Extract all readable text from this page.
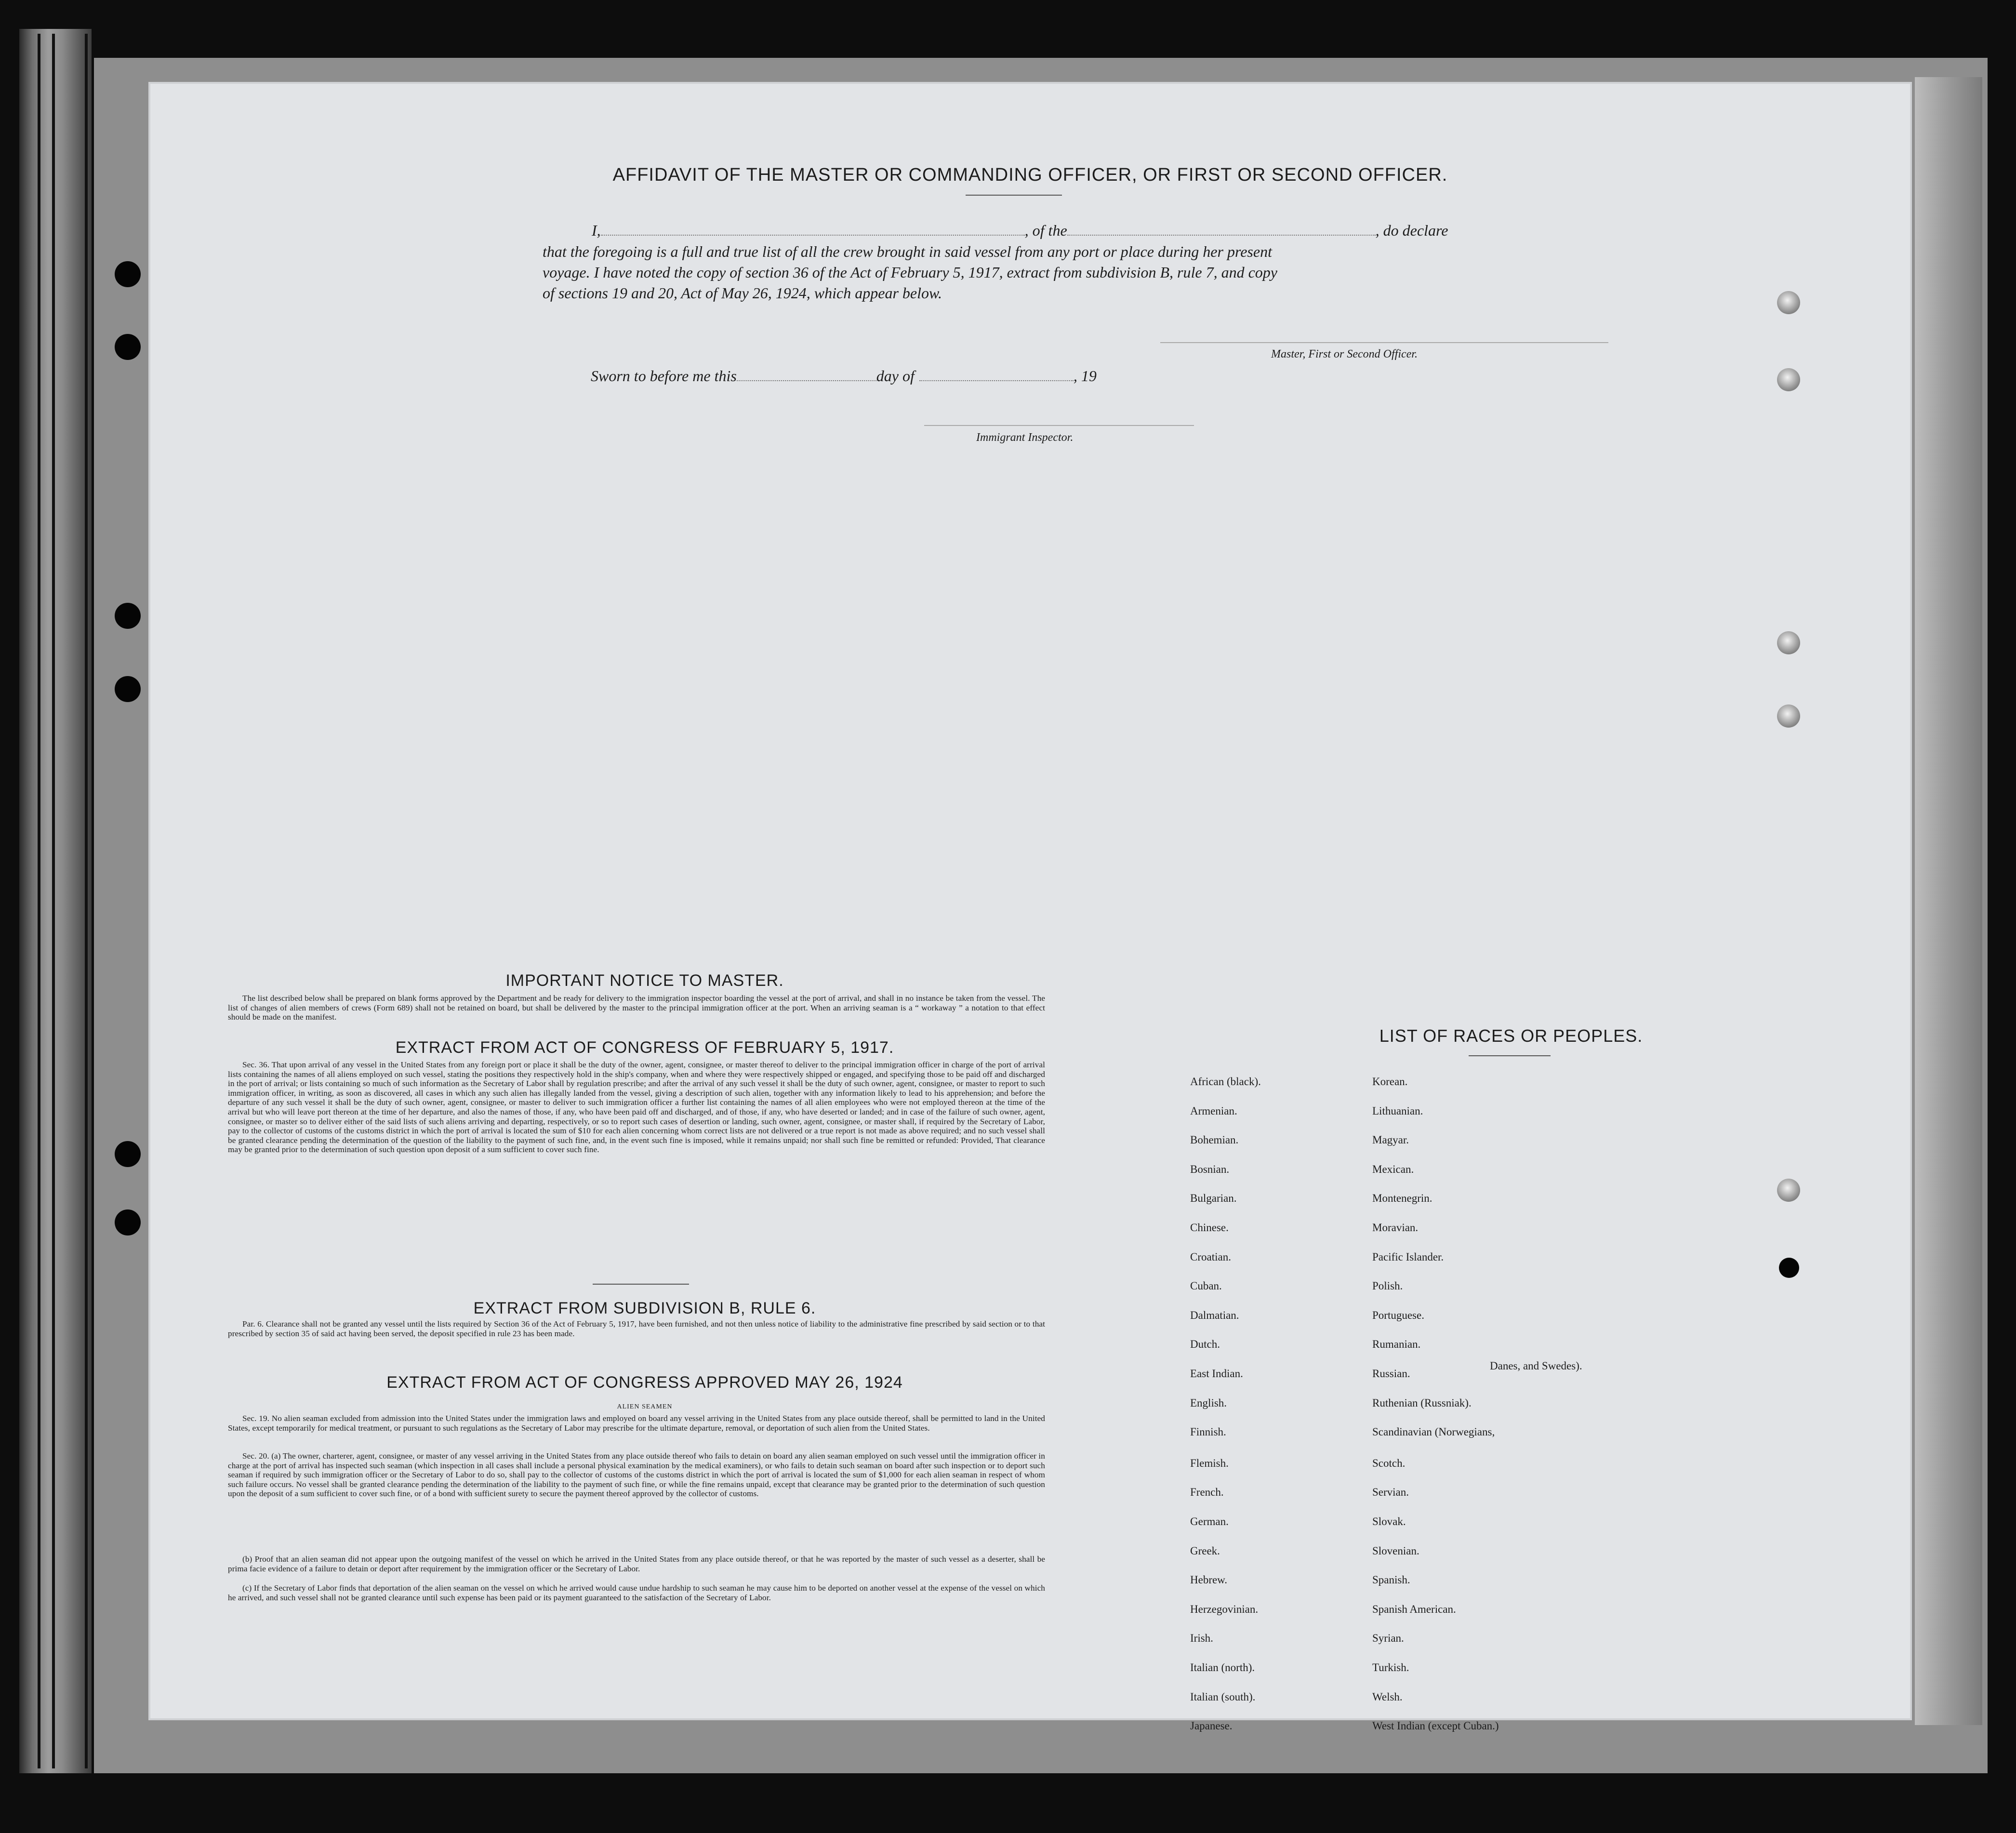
AFFIDAVIT OF THE MASTER OR COMMANDING OFFICER, OR FIRST OR SECOND OFFICER.
I,	, of the	, do declare
that the foregoing is a full and true list of all the crew brought in said vessel from any port or place during her present
voyage. I have noted the copy of section 36 of the Act of February 5, 1917, extract from subdivision B, rule 7, and copy
of sections 19 and 20, Act of May 26, 1924, which appear below.
Master, First or Second Officer.
Sworn to before me this	day of	, 19
Immigrant Inspector.
IMPORTANT NOTICE TO MASTER.
The list described below shall be prepared on blank forms approved by the Department and be ready for delivery to the immigration inspector boarding the vessel at the port of arrival, and shall in no instance be taken from the vessel. The list of changes of alien members of crews (Form 689) shall not be retained on board, but shall be delivered by the master to the principal immigration officer at the port. When an arriving seaman is a “ workaway ” a notation to that effect should be made on the manifest.
EXTRACT FROM ACT OF CONGRESS OF FEBRUARY 5, 1917.
Sec. 36. That upon arrival of any vessel in the United States from any foreign port or place it shall be the duty of the owner, agent, consignee, or master thereof to deliver to the principal immigration officer in charge of the port of arrival lists containing the names of all aliens employed on such vessel, stating the positions they respectively hold in the ship's company, when and where they were respectively shipped or engaged, and specifying those to be paid off and discharged in the port of arrival; or lists containing so much of such information as the Secretary of Labor shall by regulation prescribe; and after the arrival of any such vessel it shall be the duty of such owner, agent, consignee, or master to report to such immigration officer, in writing, as soon as discovered, all cases in which any such alien has illegally landed from the vessel, giving a description of such alien, together with any information likely to lead to his apprehension; and before the departure of any such vessel it shall be the duty of such owner, agent, consignee, or master to deliver to such immigration officer a further list containing the names of all alien employees who were not employed thereon at the time of the arrival but who will leave port thereon at the time of her departure, and also the names of those, if any, who have been paid off and discharged, and of those, if any, who have deserted or landed; and in case of the failure of such owner, agent, consignee, or master so to deliver either of the said lists of such aliens arriving and departing, respectively, or so to report such cases of desertion or landing, such owner, agent, consignee, or master shall, if required by the Secretary of Labor, pay to the collector of customs of the customs district in which the port of arrival is located the sum of $10 for each alien concerning whom correct lists are not delivered or a true report is not made as above required; and no such vessel shall be granted clearance pending the determination of the question of the liability to the payment of such fine, and, in the event such fine is imposed, while it remains unpaid; nor shall such fine be remitted or refunded: Provided, That clearance may be granted prior to the determination of such question upon deposit of a sum sufficient to cover such fine.
EXTRACT FROM SUBDIVISION B, RULE 6.
Par. 6. Clearance shall not be granted any vessel until the lists required by Section 36 of the Act of February 5, 1917, have been furnished, and not then unless notice of liability to the administrative fine prescribed by said section or to that prescribed by section 35 of said act having been served, the deposit specified in rule 23 has been made.
EXTRACT FROM ACT OF CONGRESS APPROVED MAY 26, 1924
ALIEN SEAMEN
Sec. 19. No alien seaman excluded from admission into the United States under the immigration laws and employed on board any vessel arriving in the United States from any place outside thereof, shall be permitted to land in the United States, except temporarily for medical treatment, or pursuant to such regulations as the Secretary of Labor may prescribe for the ultimate departure, removal, or deportation of such alien from the United States.
Sec. 20. (a) The owner, charterer, agent, consignee, or master of any vessel arriving in the United States from any place outside thereof who fails to detain on board any alien seaman employed on such vessel until the immigration officer in charge at the port of arrival has inspected such seaman (which inspection in all cases shall include a personal physical examination by the medical examiners), or who fails to detain such seaman on board after such inspection or to deport such seaman if required by such immigration officer or the Secretary of Labor to do so, shall pay to the collector of customs of the customs district in which the port of arrival is located the sum of $1,000 for each alien seaman in respect of whom such failure occurs. No vessel shall be granted clearance pending the determination of the liability to the payment of such fine, or while the fine remains unpaid, except that clearance may be granted prior to the determination of such question upon the deposit of a sum sufficient to cover such fine, or of a bond with sufficient surety to secure the payment thereof approved by the collector of customs.
(b) Proof that an alien seaman did not appear upon the outgoing manifest of the vessel on which he arrived in the United States from any place outside thereof, or that he was reported by the master of such vessel as a deserter, shall be prima facie evidence of a failure to detain or deport after requirement by the immigration officer or the Secretary of Labor.
(c) If the Secretary of Labor finds that deportation of the alien seaman on the vessel on which he arrived would cause undue hardship to such seaman he may cause him to be deported on another vessel at the expense of the vessel on which he arrived, and such vessel shall not be granted clearance until such expense has been paid or its payment guaranteed to the satisfaction of the Secretary of Labor.
LIST OF RACES OR PEOPLES.
African (black).
Armenian.
Bohemian.
Bosnian.
Bulgarian.
Chinese.
Croatian.
Cuban.
Dalmatian.
Dutch.
East Indian.
English.
Finnish.
Flemish.
French.
German.
Greek.
Hebrew.
Herzegovinian.
Irish.
Italian (north).
Italian (south).
Japanese.
Korean.
Lithuanian.
Magyar.
Mexican.
Montenegrin.
Moravian.
Pacific Islander.
Polish.
Portuguese.
Rumanian.
Russian.
Ruthenian (Russniak).
Scandinavian (Norwegians,
Scotch.
Servian.
Slovak.
Slovenian.
Spanish.
Spanish American.
Syrian.
Turkish.
Welsh.
West Indian (except Cuban.)
Danes, and Swedes).
